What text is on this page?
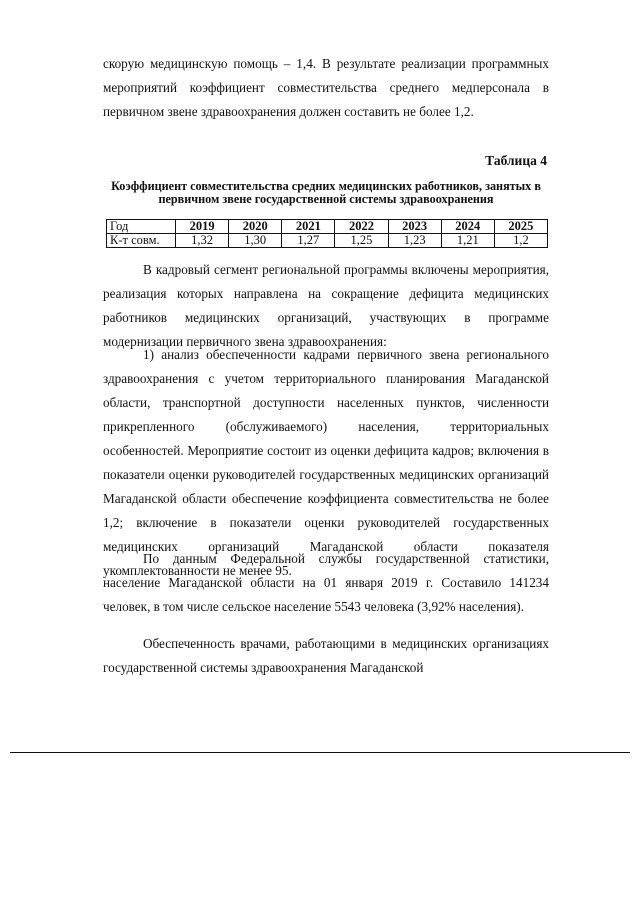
скорую медицинскую помощь – 1,4. В результате реализации программных мероприятий коэффициент совместительства среднего медперсонала в первичном звене здравоохранения должен составить не более 1,2.

Таблица 4
Коэффициент совместительства средних медицинских работников, занятых в первичном звене государственной системы здравоохранения
Год	2019	2020	2021	2022	2023	2024	2025
К-т совм.	1,32	1,30	1,27	1,25	1,23	1,21	1,2

В кадровый сегмент региональной программы включены мероприятия, реализация которых направлена на сокращение дефицита медицинских работников медицинских организаций, участвующих в программе модернизации первичного звена здравоохранения:

1) анализ обеспеченности кадрами первичного звена регионального здравоохранения с учетом территориального планирования Магаданской области, транспортной доступности населенных пунктов, численности прикрепленного (обслуживаемого) населения, территориальных особенностей. Мероприятие состоит из оценки дефицита кадров; включения в показатели оценки руководителей государственных медицинских организаций Магаданской области обеспечение коэффициента совместительства не более 1,2; включение в показатели оценки руководителей государственных медицинских организаций Магаданской области показателя укомплектованности не менее 95.

По данным Федеральной службы государственной статистики, население Магаданской области на 01 января 2019 г. Составило 141234 человек, в том числе сельское население 5543 человека (3,92% населения).

Обеспеченность врачами, работающими в медицинских организациях государственной системы здравоохранения Магаданской
